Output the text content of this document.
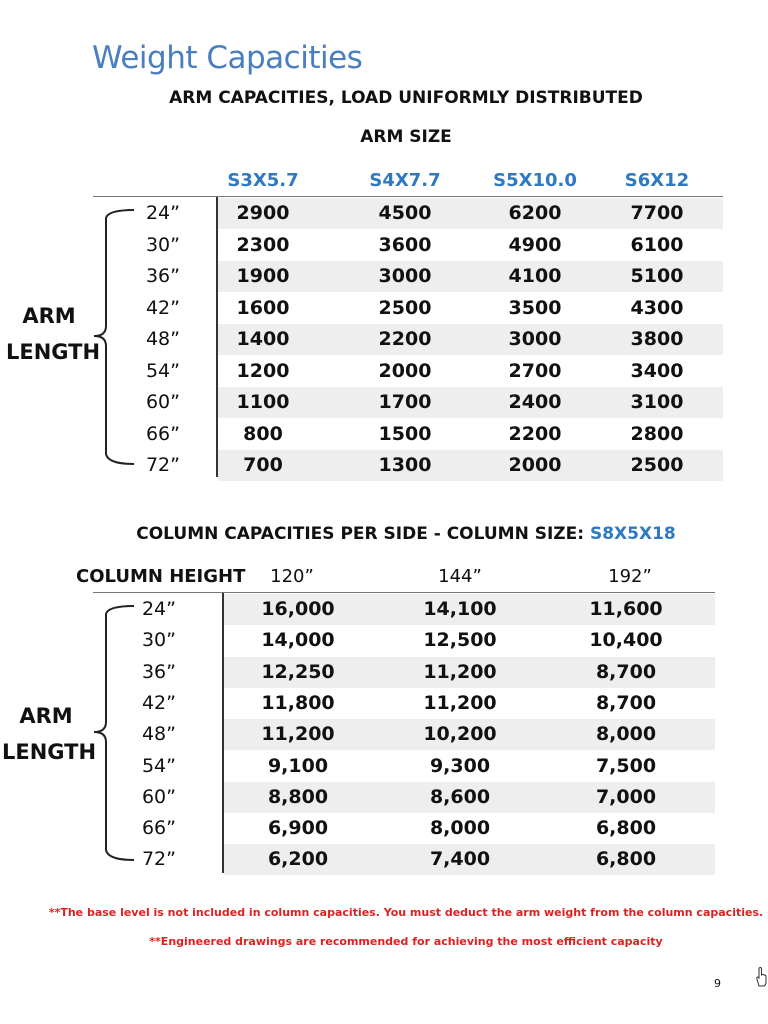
Weight Capacities
ARM CAPACITIES, LOAD UNIFORMLY DISTRIBUTED
ARM SIZE
S3X5.7	S4X7.7	S5X10.0	S6X12
24”	2900	4500	6200	7700
30”	2300	3600	4900	6100
36”	1900	3000	4100	5100
42”	1600	2500	3500	4300
48”	1400	2200	3000	3800
54”	1200	2000	2700	3400
60”	1100	1700	2400	3100
66”	800	1500	2200	2800
72”	700	1300	2000	2500
ARM
LENGTH
COLUMN CAPACITIES PER SIDE - COLUMN SIZE: S8X5X18
COLUMN HEIGHT	120”	144”	192”
24”	16,000	14,100	11,600
30”	14,000	12,500	10,400
36”	12,250	11,200	8,700
42”	11,800	11,200	8,700
48”	11,200	10,200	8,000
54”	9,100	9,300	7,500
60”	8,800	8,600	7,000
66”	6,900	8,000	6,800
72”	6,200	7,400	6,800
ARM
LENGTH
**The base level is not included in column capacities. You must deduct the arm weight from the column capacities.
**Engineered drawings are recommended for achieving the most efficient capacity
9
